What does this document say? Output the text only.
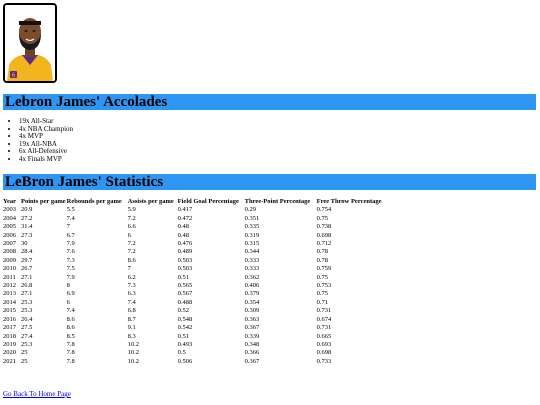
6
Lebron James' Accolades
• 19x All-Star
• 4x NBA Champion
• 4x MVP
• 19x All-NBA
• 6x All-Defensive
• 4x Finals MVP
LeBron James' Statistics
Year	Points per game	Rebounds per game	Assists per game	Field Goal Percentage	Three-Point Percentage	Free Throw Percentage
2003	20.9	5.5	5.9	0.417	0.29	0.754
2004	27.2	7.4	7.2	0.472	0.351	0.75
2005	31.4	7	6.6	0.48	0.335	0.738
2006	27.3	6.7	6	0.48	0.319	0.698
2007	30	7.9	7.2	0.476	0.315	0.712
2008	28.4	7.6	7.2	0.489	0.344	0.78
2009	29.7	7.3	8.6	0.503	0.333	0.78
2010	26.7	7.5	7	0.503	0.333	0.759
2011	27.1	7.9	6.2	0.51	0.362	0.75
2012	26.8	8	7.3	0.565	0.406	0.753
2013	27.1	6.9	6.3	0.567	0.379	0.75
2014	25.3	6	7.4	0.488	0.354	0.71
2015	25.3	7.4	6.8	0.52	0.309	0.731
2016	26.4	8.6	8.7	0.548	0.363	0.674
2017	27.5	8.6	9.1	0.542	0.367	0.731
2018	27.4	8.5	8.3	0.51	0.339	0.665
2019	25.3	7.8	10.2	0.493	0.348	0.693
2020	25	7.8	10.2	0.5	0.366	0.698
2021	25	7.8	10.2	0.506	0.367	0.733
Go Back To Home Page
